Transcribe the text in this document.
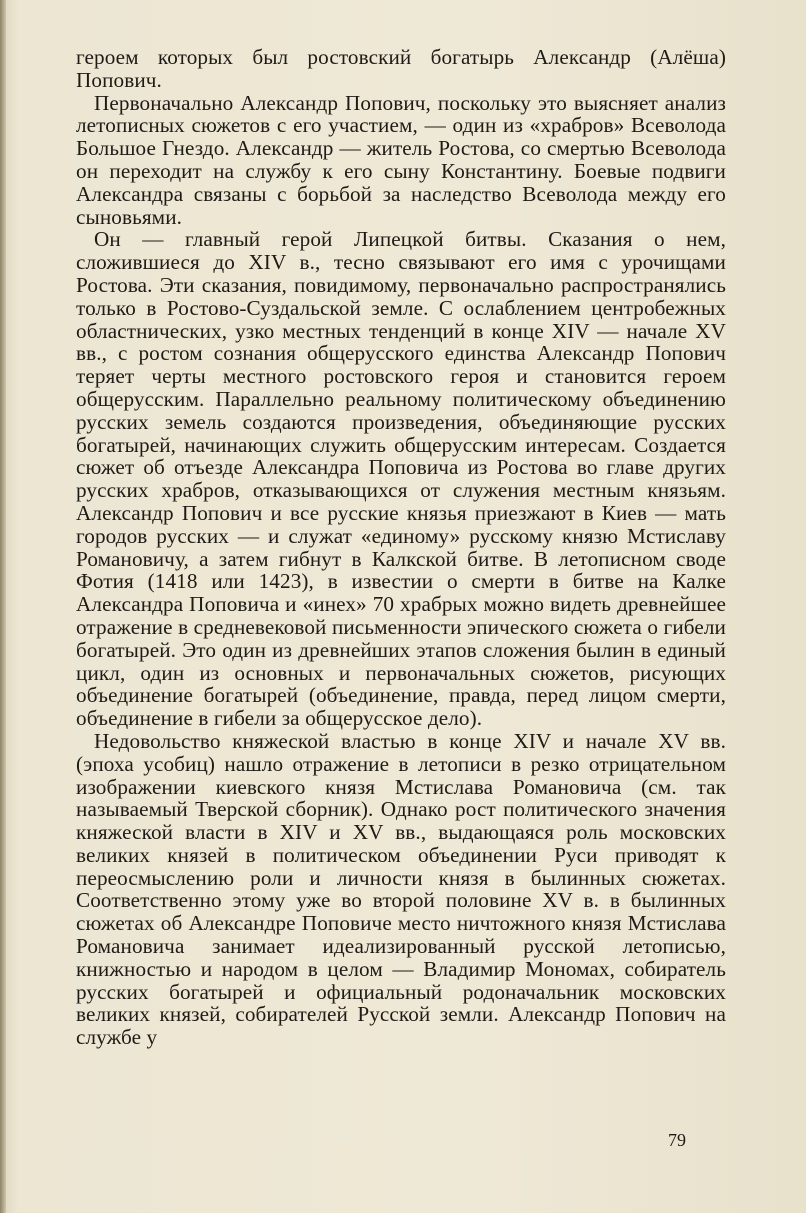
героем которых был ростовский богатырь Александр (Алёша) Попович.

Первоначально Александр Попович, поскольку это выясняет анализ летописных сюжетов с его участием, — один из «храбров» Всеволода Большое Гнездо. Александр — житель Ростова, со смертью Всеволода он переходит на службу к его сыну Константину. Боевые подвиги Александра связаны с борьбой за наследство Всеволода между его сыновьями.

Он — главный герой Липецкой битвы. Сказания о нем, сложившиеся до XIV в., тесно связывают его имя с урочищами Ростова. Эти сказания, повидимому, первоначально распространялись только в Ростово-Суздальской земле. С ослаблением центробежных областнических, узко местных тенденций в конце XIV — начале XV вв., с ростом сознания общерусского единства Александр Попович теряет черты местного ростовского героя и становится героем общерусским. Параллельно реальному политическому объединению русских земель создаются произведения, объединяющие русских богатырей, начинающих служить общерусским интересам. Создается сюжет об отъезде Александра Поповича из Ростова во главе других русских храбров, отказывающихся от служения местным князьям. Александр Попович и все русские князья приезжают в Киев — мать городов русских — и служат «единому» русскому князю Мстиславу Романовичу, а затем гибнут в Калкской битве. В летописном своде Фотия (1418 или 1423), в известии о смерти в битве на Калке Александра Поповича и «инех» 70 храбрых можно видеть древнейшее отражение в средневековой письменности эпического сюжета о гибели богатырей. Это один из древнейших этапов сложения былин в единый цикл, один из основных и первоначальных сюжетов, рисующих объединение богатырей (объединение, правда, перед лицом смерти, объединение в гибели за общерусское дело).

Недовольство княжеской властью в конце XIV и начале XV вв. (эпоха усобиц) нашло отражение в летописи в резко отрицательном изображении киевского князя Мстислава Романовича (см. так называемый Тверской сборник). Однако рост политического значения княжеской власти в XIV и XV вв., выдающаяся роль московских великих князей в политическом объединении Руси приводят к переосмыслению роли и личности князя в былинных сюжетах. Соответственно этому уже во второй половине XV в. в былинных сюжетах об Александре Поповиче место ничтожного князя Мстислава Романовича занимает идеализированный русской летописью, книжностью и народом в целом — Владимир Мономах, собиратель русских богатырей и официальный родоначальник московских великих князей, собирателей Русской земли. Александр Попович на службе у

79
